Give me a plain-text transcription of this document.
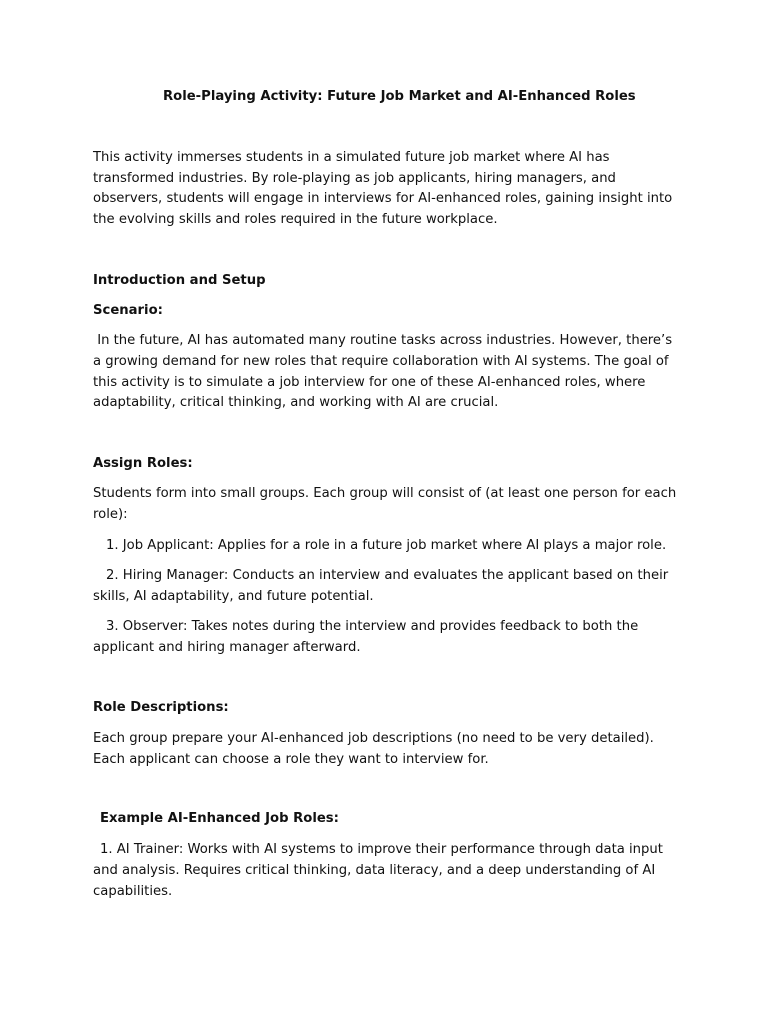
Role-Playing Activity: Future Job Market and AI-Enhanced Roles
This activity immerses students in a simulated future job market where AI has
transformed industries. By role-playing as job applicants, hiring managers, and
observers, students will engage in interviews for AI-enhanced roles, gaining insight into
the evolving skills and roles required in the future workplace.
Introduction and Setup
Scenario:
In the future, AI has automated many routine tasks across industries. However, there’s
a growing demand for new roles that require collaboration with AI systems. The goal of
this activity is to simulate a job interview for one of these AI-enhanced roles, where
adaptability, critical thinking, and working with AI are crucial.
Assign Roles:
Students form into small groups. Each group will consist of (at least one person for each
role):
1. Job Applicant: Applies for a role in a future job market where AI plays a major role.
2. Hiring Manager: Conducts an interview and evaluates the applicant based on their
skills, AI adaptability, and future potential.
3. Observer: Takes notes during the interview and provides feedback to both the
applicant and hiring manager afterward.
Role Descriptions:
Each group prepare your AI-enhanced job descriptions (no need to be very detailed).
Each applicant can choose a role they want to interview for.
Example AI-Enhanced Job Roles:
1. AI Trainer: Works with AI systems to improve their performance through data input
and analysis. Requires critical thinking, data literacy, and a deep understanding of AI
capabilities.
